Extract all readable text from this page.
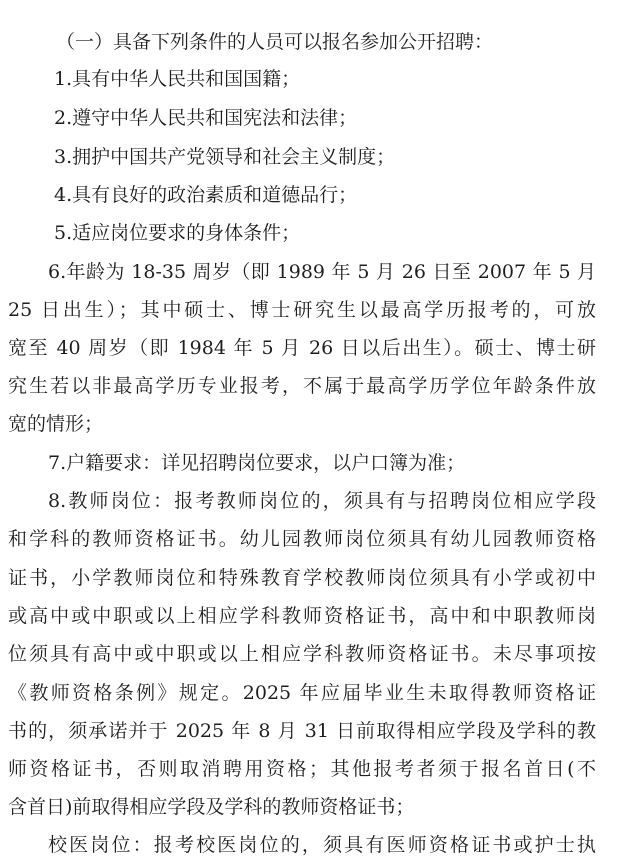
（一）具备下列条件的人员可以报名参加公开招聘：
1.具有中华人民共和国国籍；
2.遵守中华人民共和国宪法和法律；
3.拥护中国共产党领导和社会主义制度；
4.具有良好的政治素质和道德品行；
5.适应岗位要求的身体条件；
6.年龄为 18-35 周岁（即 1989 年 5 月 26 日至 2007 年 5 月
25 日出生）；其中硕士、博士研究生以最高学历报考的，可放
宽至 40 周岁（即 1984 年 5 月 26 日以后出生）。硕士、博士研
究生若以非最高学历专业报考，不属于最高学历学位年龄条件放
宽的情形；
7.户籍要求：详见招聘岗位要求，以户口簿为准；
8.教师岗位：报考教师岗位的，须具有与招聘岗位相应学段
和学科的教师资格证书。幼儿园教师岗位须具有幼儿园教师资格
证书，小学教师岗位和特殊教育学校教师岗位须具有小学或初中
或高中或中职或以上相应学科教师资格证书，高中和中职教师岗
位须具有高中或中职或以上相应学科教师资格证书。未尽事项按
《教师资格条例》规定。2025 年应届毕业生未取得教师资格证
书的，须承诺并于 2025 年 8 月 31 日前取得相应学段及学科的教
师资格证书，否则取消聘用资格；其他报考者须于报名首日(不
含首日)前取得相应学段及学科的教师资格证书；
校医岗位：报考校医岗位的，须具有医师资格证书或护士执
